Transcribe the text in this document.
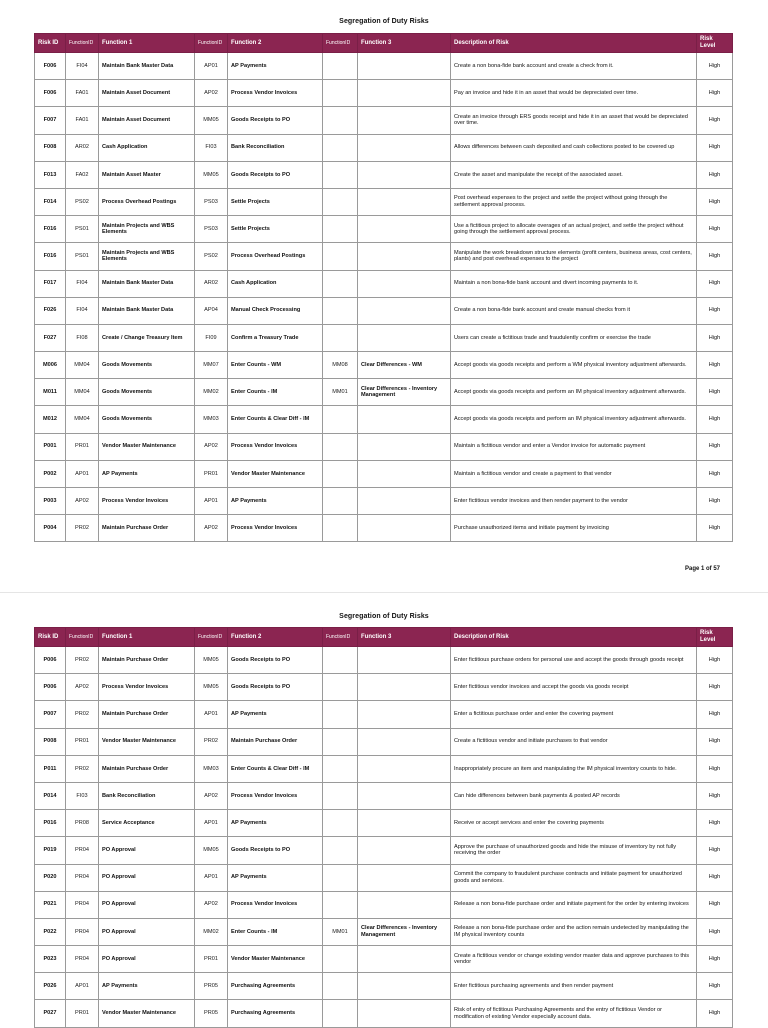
Segregation of Duty Risks
Risk ID	FunctionID	Function 1	FunctionID	Function 2	FunctionID	Function 3	Description of Risk	Risk Level
F006	FI04	Maintain Bank Master Data	AP01	AP Payments			Create a non bona-fide bank account and create a check from it.	High
F006	FA01	Maintain Asset Document	AP02	Process Vendor Invoices			Pay an invoice and hide it in an asset that would be depreciated over time.	High
F007	FA01	Maintain Asset Document	MM05	Goods Receipts to PO			Create an invoice through ERS goods receipt and hide it in an asset that would be depreciated over time.	High
F008	AR02	Cash Application	FI03	Bank Reconciliation			Allows differences between cash deposited and cash collections posted to be covered up	High
F013	FA02	Maintain Asset Master	MM05	Goods Receipts to PO			Create the asset and manipulate the receipt of the associated asset.	High
F014	PS02	Process Overhead Postings	PS03	Settle Projects			Post overhead expenses to the project and settle the project without going through the settlement approval process.	High
F016	PS01	Maintain Projects and WBS Elements	PS03	Settle Projects			Use a fictitious project to allocate overages of an actual project, and settle the project without going through the settlement approval process.	High
F016	PS01	Maintain Projects and WBS Elements	PS02	Process Overhead Postings			Manipulate the work breakdown structure elements (profit centers, business areas, cost centers, plants) and post overhead expenses to the project	High
F017	FI04	Maintain Bank Master Data	AR02	Cash Application			Maintain a non bona-fide bank account and divert incoming payments to it.	High
F026	FI04	Maintain Bank Master Data	AP04	Manual Check Processing			Create a non bona-fide bank account and create manual checks from it	High
F027	FI08	Create / Change Treasury Item	FI09	Confirm a Treasury Trade			Users can create a fictitious trade and fraudulently confirm or exercise the trade	High
M006	MM04	Goods Movements	MM07	Enter Counts - WM	MM08	Clear Differences - WM	Accept goods via goods receipts and perform a WM physical inventory adjustment afterwards.	High
M011	MM04	Goods Movements	MM02	Enter Counts - IM	MM01	Clear Differences - Inventory Management	Accept goods via goods receipts and perform an IM physical inventory adjustment afterwards.	High
M012	MM04	Goods Movements	MM03	Enter Counts & Clear Diff - IM			Accept goods via goods receipts and perform an IM physical inventory adjustment afterwards.	High
P001	PR01	Vendor Master Maintenance	AP02	Process Vendor Invoices			Maintain a fictitious vendor and enter a Vendor invoice for automatic payment	High
P002	AP01	AP Payments	PR01	Vendor Master Maintenance			Maintain a fictitious vendor and create a payment to that vendor	High
P003	AP02	Process Vendor Invoices	AP01	AP Payments			Enter fictitious vendor invoices and then render payment to the vendor	High
P004	PR02	Maintain Purchase Order	AP02	Process Vendor Invoices			Purchase unauthorized items and initiate payment by invoicing	High
Page 1 of 57
Segregation of Duty Risks
Risk ID	FunctionID	Function 1	FunctionID	Function 2	FunctionID	Function 3	Description of Risk	Risk Level
P006	PR02	Maintain Purchase Order	MM05	Goods Receipts to PO			Enter fictitious purchase orders for personal use and accept the goods through goods receipt	High
P006	AP02	Process Vendor Invoices	MM05	Goods Receipts to PO			Enter fictitious vendor invoices and accept the goods via goods receipt	High
P007	PR02	Maintain Purchase Order	AP01	AP Payments			Enter a fictitious purchase order and enter the covering payment	High
P008	PR01	Vendor Master Maintenance	PR02	Maintain Purchase Order			Create a fictitious vendor and initiate purchases to that vendor	High
P011	PR02	Maintain Purchase Order	MM03	Enter Counts & Clear Diff - IM			Inappropriately procure an item and manipulating the IM physical inventory counts to hide.	High
P014	FI03	Bank Reconciliation	AP02	Process Vendor Invoices			Can hide differences between bank payments & posted AP records	High
P016	PR08	Service Acceptance	AP01	AP Payments			Receive or accept services and enter the covering payments	High
P019	PR04	PO Approval	MM05	Goods Receipts to PO			Approve the purchase of unauthorized goods and hide the misuse of inventory by not fully receiving the order	High
P020	PR04	PO Approval	AP01	AP Payments			Commit the company to fraudulent purchase contracts and initiate payment for unauthorized goods and services.	High
P021	PR04	PO Approval	AP02	Process Vendor Invoices			Release a non bona-fide purchase order and initiate payment for the order by entering invoices	High
P022	PR04	PO Approval	MM02	Enter Counts - IM	MM01	Clear Differences - Inventory Management	Release a non bona-fide purchase order and the action remain undetected by manipulating the IM physical inventory counts	High
P023	PR04	PO Approval	PR01	Vendor Master Maintenance			Create a fictitious vendor or change existing vendor master data and approve purchases to this vendor	High
P026	AP01	AP Payments	PR05	Purchasing Agreements			Enter fictitious purchasing agreements and then render payment	High
P027	PR01	Vendor Master Maintenance	PR05	Purchasing Agreements			Risk of entry of fictitious Purchasing Agreements and the entry of fictitious Vendor or modification of existing Vendor especially account data.	High
